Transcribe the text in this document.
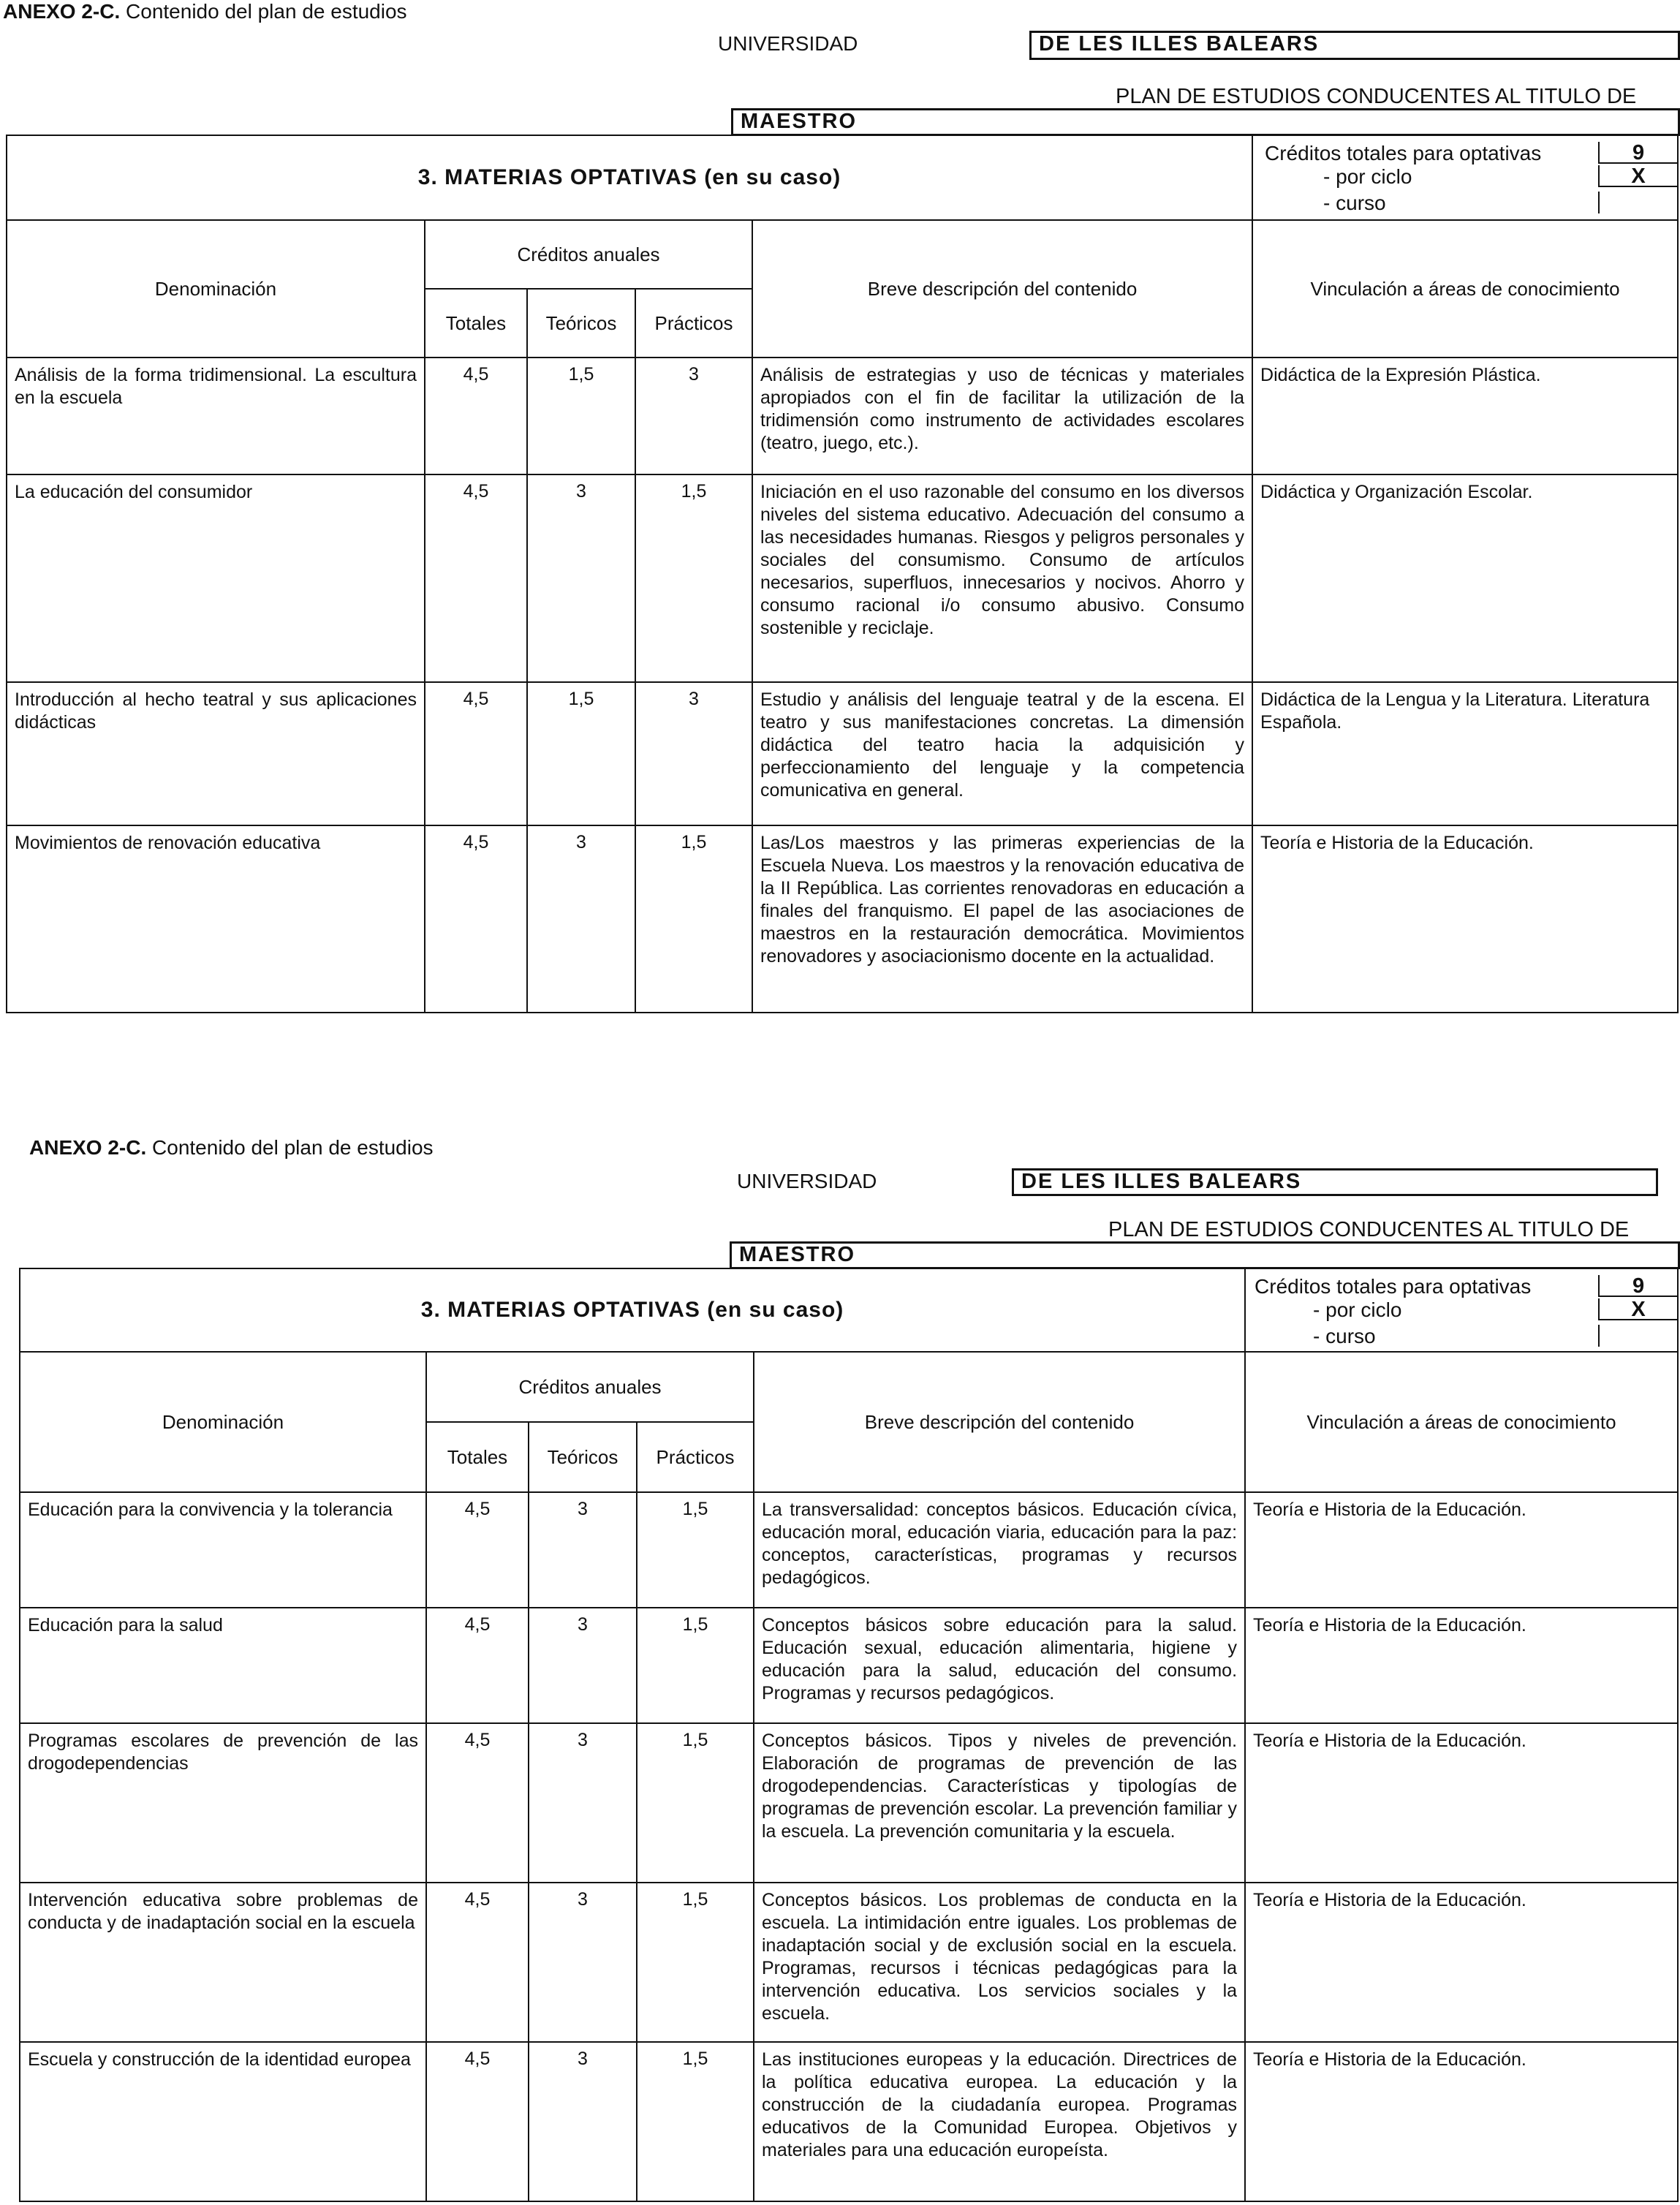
ANEXO 2-C. Contenido del plan de estudios
UNIVERSIDAD	DE LES ILLES BALEARS
PLAN DE ESTUDIOS CONDUCENTES AL TITULO DE
MAESTRO
3. MATERIAS OPTATIVAS (en su caso)					Créditos totales para optativas 9
- por ciclo X
- curso

Denominación	Créditos anuales			Breve descripción del contenido	Vinculación a áreas de conocimiento
	Totales	Teóricos	Prácticos		
Análisis de la forma tridimensional. La escultura en la escuela	4,5	1,5	3	Análisis de estrategias y uso de técnicas y materiales apropiados con el fin de facilitar la utilización de la tridimensión como instrumento de actividades escolares (teatro, juego, etc.).	Didáctica de la Expresión Plástica.
La educación del consumidor	4,5	3	1,5	Iniciación en el uso razonable del consumo en los diversos niveles del sistema educativo. Adecuación del consumo a las necesidades humanas. Riesgos y peligros personales y sociales del consumismo. Consumo de artículos necesarios, superfluos, innecesarios y nocivos. Ahorro y consumo racional i/o consumo abusivo. Consumo sostenible y reciclaje.	Didáctica y Organización Escolar.
Introducción al hecho teatral y sus aplicaciones didácticas	4,5	1,5	3	Estudio y análisis del lenguaje teatral y de la escena. El teatro y sus manifestaciones concretas. La dimensión didáctica del teatro hacia la adquisición y perfeccionamiento del lenguaje y la competencia comunicativa en general.	Didáctica de la Lengua y la Literatura. Literatura Española.
Movimientos de renovación educativa	4,5	3	1,5	Las/Los maestros y las primeras experiencias de la Escuela Nueva. Los maestros y la renovación educativa de la II República. Las corrientes renovadoras en educación a finales del franquismo. El papel de las asociaciones de maestros en la restauración democrática. Movimientos renovadores y asociacionismo docente en la actualidad.	Teoría e Historia de la Educación.
ANEXO 2-C. Contenido del plan de estudios
UNIVERSIDAD	DE LES ILLES BALEARS
PLAN DE ESTUDIOS CONDUCENTES AL TITULO DE
MAESTRO
3. MATERIAS OPTATIVAS (en su caso)					Créditos totales para optativas 9
- por ciclo X
- curso

Denominación	Créditos anuales			Breve descripción del contenido	Vinculación a áreas de conocimiento
	Totales	Teóricos	Prácticos		
Educación para la convivencia y la tolerancia	4,5	3	1,5	La transversalidad: conceptos básicos. Educación cívica, educación moral, educación viaria, educación para la paz: conceptos, características, programas y recursos pedagógicos.	Teoría e Historia de la Educación.
Educación para la salud	4,5	3	1,5	Conceptos básicos sobre educación para la salud. Educación sexual, educación alimentaria, higiene y educación para la salud, educación del consumo. Programas y recursos pedagógicos.	Teoría e Historia de la Educación.
Programas escolares de prevención de las drogodependencias	4,5	3	1,5	Conceptos básicos. Tipos y niveles de prevención. Elaboración de programas de prevención de las drogodependencias. Características y tipologías de programas de prevención escolar. La prevención familiar y la escuela. La prevención comunitaria y la escuela.	Teoría e Historia de la Educación.
Intervención educativa sobre problemas de conducta y de inadaptación social en la escuela	4,5	3	1,5	Conceptos básicos. Los problemas de conducta en la escuela. La intimidación entre iguales. Los problemas de inadaptación social y de exclusión social en la escuela. Programas, recursos i técnicas pedagógicas para la intervención educativa. Los servicios sociales y la escuela.	Teoría e Historia de la Educación.
Escuela y construcción de la identidad europea	4,5	3	1,5	Las instituciones europeas y la educación. Directrices de la política educativa europea. La educación y la construcción de la ciudadanía europea. Programas educativos de la Comunidad Europea. Objetivos y materiales para una educación europeísta.	Teoría e Historia de la Educación.
